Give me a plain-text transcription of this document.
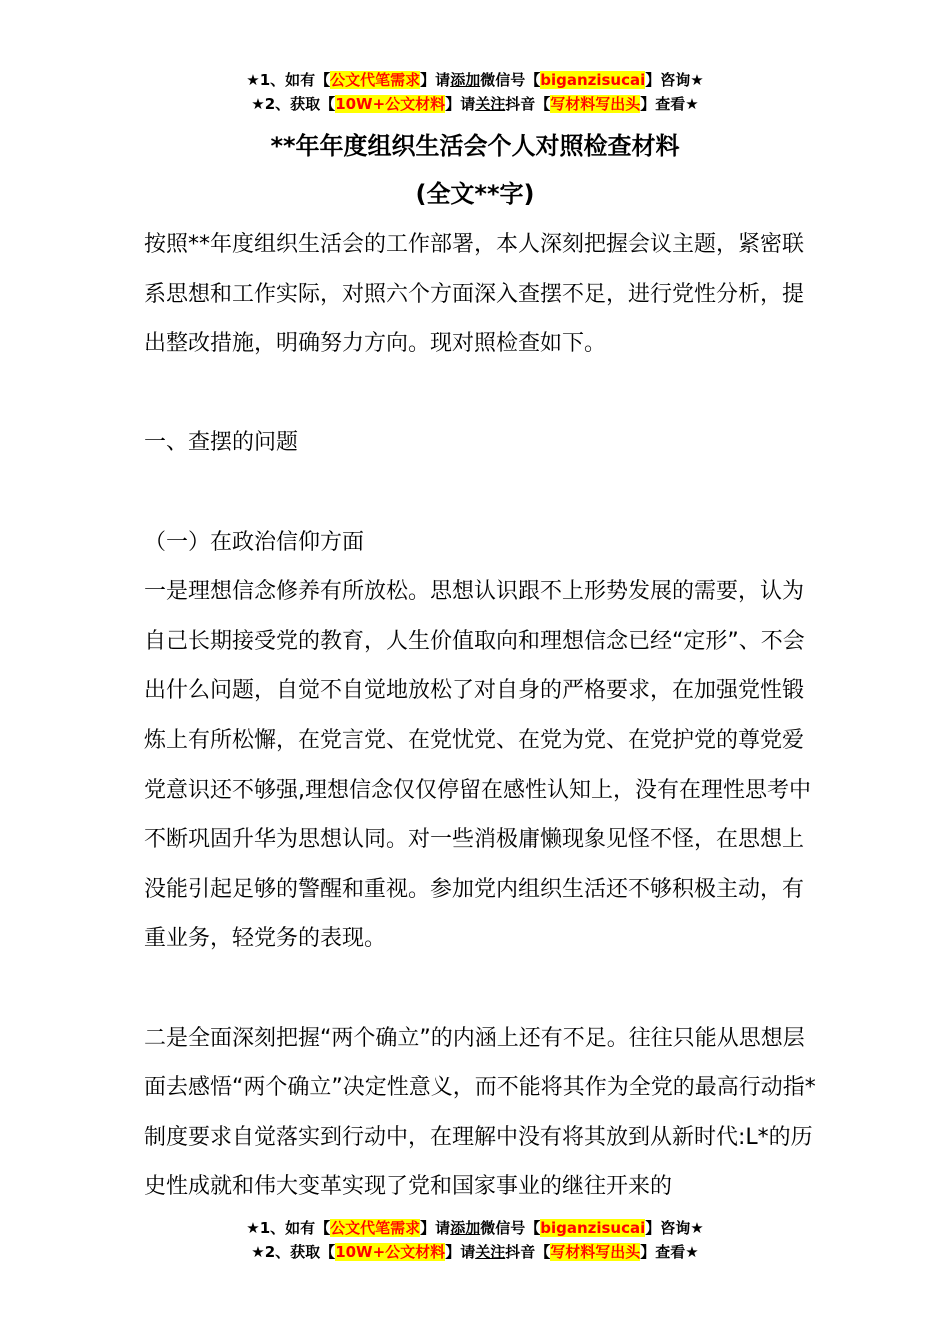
★1、如有【公文代笔需求】请添加微信号【biganzisucai】咨询★
★2、获取【10W+公文材料】请关注抖音【写材料写出头】查看★
**年年度组织生活会个人对照检查材料
(全文**字)

按照**年度组织生活会的工作部署，本人深刻把握会议主题，紧密联系思想和工作实际，对照六个方面深入查摆不足，进行党性分析，提出整改措施，明确努力方向。现对照检查如下。

一、查摆的问题

（一）在政治信仰方面

一是理想信念修养有所放松。思想认识跟不上形势发展的需要，认为自己长期接受党的教育，人生价值取向和理想信念已经“定形”、不会出什么问题，自觉不自觉地放松了对自身的严格要求，在加强党性锻炼上有所松懈，在党言党、在党忧党、在党为党、在党护党的尊党爱党意识还不够强,理想信念仅仅停留在感性认知上，没有在理性思考中不断巩固升华为思想认同。对一些消极庸懒现象见怪不怪，在思想上没能引起足够的警醒和重视。参加党内组织生活还不够积极主动，有重业务，轻党务的表现。

二是全面深刻把握“两个确立”的内涵上还有不足。往往只能从思想层面去感悟“两个确立”决定性意义，而不能将其作为全党的最高行动指*制度要求自觉落实到行动中，在理解中没有将其放到从新时代:L*的历史性成就和伟大变革实现了党和国家事业的继往开来的

★1、如有【公文代笔需求】请添加微信号【biganzisucai】咨询★
★2、获取【10W+公文材料】请关注抖音【写材料写出头】查看★
